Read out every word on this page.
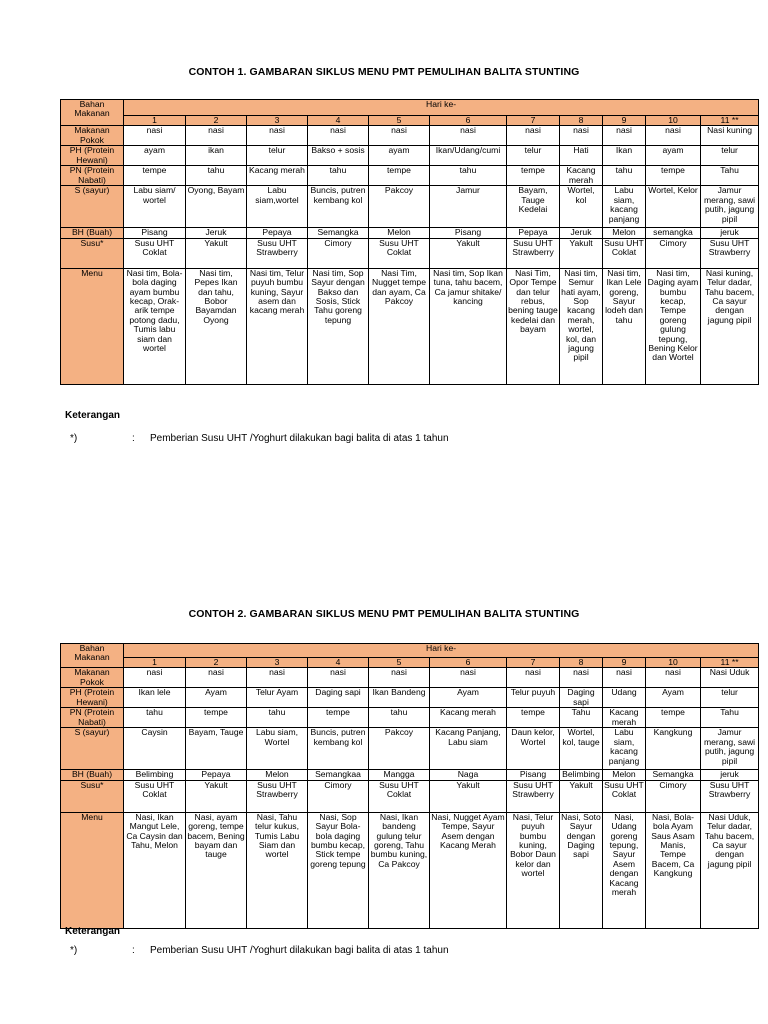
CONTOH 1. GAMBARAN SIKLUS MENU PMT PEMULIHAN BALITA STUNTING
Bahan Makanan	Hari ke-										
	1	2	3	4	5	6	7	8	9	10	11 **
Makanan Pokok	nasi	nasi	nasi	nasi	nasi	nasi	nasi	nasi	nasi	nasi	Nasi kuning
PH (Protein Hewani)	ayam	ikan	telur	Bakso + sosis	ayam	Ikan/Udang/cumi	telur	Hati	Ikan	ayam	telur
PN (Protein Nabati)	tempe	tahu	Kacang merah	tahu	tempe	tahu	tempe	Kacang merah	tahu	tempe	Tahu
S (sayur)	Labu siam/ wortel	Oyong, Bayam	Labu siam,wortel	Buncis, putren kembang kol	Pakcoy	Jamur	Bayam, Tauge Kedelai	Wortel, kol	Labu siam, kacang panjang	Wortel, Kelor	Jamur merang, sawi putih, jagung pipil
BH (Buah)	Pisang	Jeruk	Pepaya	Semangka	Melon	Pisang	Pepaya	Jeruk	Melon	semangka	jeruk
Susu*	Susu UHT Coklat	Yakult	Susu UHT Strawberry	Cimory	Susu UHT Coklat	Yakult	Susu UHT Strawberry	Yakult	Susu UHT Coklat	Cimory	Susu UHT Strawberry
Menu	Nasi tim, Bola-bola daging ayam bumbu kecap, Orak-arik tempe potong dadu, Tumis labu siam dan wortel	Nasi tim, Pepes Ikan dan tahu, Bobor Bayamdan Oyong	Nasi tim, Telur puyuh bumbu kuning, Sayur asem dan kacang merah	Nasi tim, Sop Sayur dengan Bakso dan Sosis, Stick Tahu goreng tepung	Nasi Tim, Nugget tempe dan ayam, Ca Pakcoy	Nasi tim, Sop Ikan tuna, tahu bacem, Ca jamur shitake/ kancing	Nasi Tim, Opor Tempe dan telur rebus, bening tauge kedelai dan bayam	Nasi tim, Semur hati ayam, Sop kacang merah, wortel, kol, dan jagung pipil	Nasi tim, Ikan Lele goreng, Sayur lodeh dan tahu	Nasi tim, Daging ayam bumbu kecap, Tempe goreng gulung tepung, Bening Kelor dan Wortel	Nasi kuning, Telur dadar, Tahu bacem, Ca sayur dengan jagung pipil
Keterangan
*)	: Pemberian Susu UHT /Yoghurt dilakukan bagi balita di atas 1 tahun
CONTOH 2. GAMBARAN SIKLUS MENU PMT PEMULIHAN BALITA STUNTING
Bahan Makanan	Hari ke-										
	1	2	3	4	5	6	7	8	9	10	11 **
Makanan Pokok	nasi	nasi	nasi	nasi	nasi	nasi	nasi	nasi	nasi	nasi	Nasi Uduk
PH (Protein Hewani)	Ikan lele	Ayam	Telur Ayam	Daging sapi	Ikan Bandeng	Ayam	Telur puyuh	Daging sapi	Udang	Ayam	telur
PN (Protein Nabati)	tahu	tempe	tahu	tempe	tahu	Kacang merah	tempe	Tahu	Kacang merah	tempe	Tahu
S (sayur)	Caysin	Bayam, Tauge	Labu siam, Wortel	Buncis, putren kembang kol	Pakcoy	Kacang Panjang, Labu siam	Daun kelor, Wortel	Wortel, kol, tauge	Labu siam, kacang panjang	Kangkung	Jamur merang, sawi putih, jagung pipil
BH (Buah)	Belimbing	Pepaya	Melon	Semangkaa	Mangga	Naga	Pisang	Belimbing	Melon	Semangka	jeruk
Susu*	Susu UHT Coklat	Yakult	Susu UHT Strawberry	Cimory	Susu UHT Coklat	Yakult	Susu UHT Strawberry	Yakult	Susu UHT Coklat	Cimory	Susu UHT Strawberry
Menu	Nasi, Ikan Mangut Lele, Ca Caysin dan Tahu, Melon	Nasi, ayam goreng, tempe bacem, Bening bayam dan tauge	Nasi, Tahu telur kukus, Tumis Labu Siam dan wortel	Nasi, Sop Sayur Bola-bola daging bumbu kecap, Stick tempe goreng tepung	Nasi, Ikan bandeng gulung telur goreng, Tahu bumbu kuning, Ca Pakcoy	Nasi, Nugget Ayam Tempe, Sayur Asem dengan Kacang Merah	Nasi, Telur puyuh bumbu kuning, Bobor Daun kelor dan wortel	Nasi, Soto Sayur dengan Daging sapi	Nasi, Udang goreng tepung, Sayur Asem dengan Kacang merah	Nasi, Bola-bola Ayam Saus Asam Manis, Tempe Bacem, Ca Kangkung	Nasi Uduk, Telur dadar, Tahu bacem, Ca sayur dengan jagung pipil
Keterangan
*)	: Pemberian Susu UHT /Yoghurt dilakukan bagi balita di atas 1 tahun
